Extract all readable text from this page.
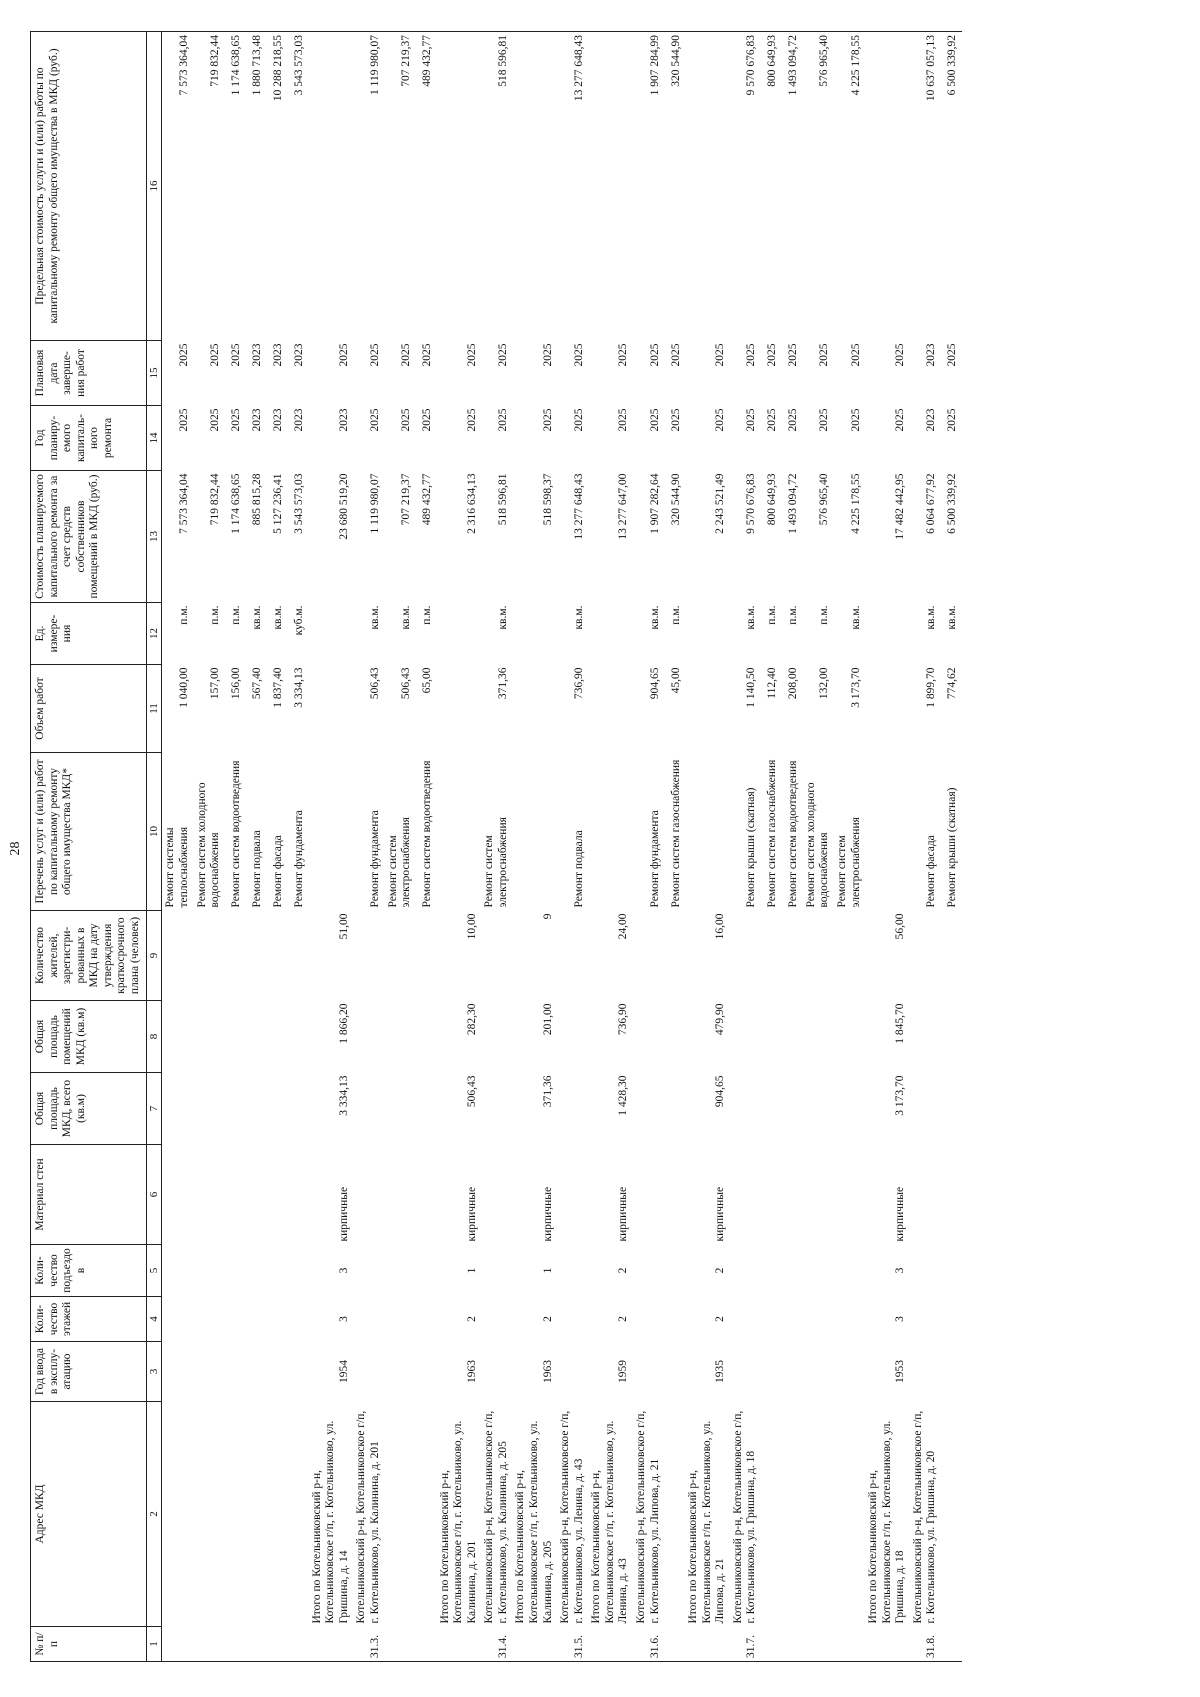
28
№ п/п	Адрес МКД	Год ввода в эксплу-атацию	Коли-чество этажей	Коли-чество подъездо в	Материал стен	Общая площадь МКД, всего (кв.м)	Общая площадь помещений МКД (кв.м)	Количество жителей, зарегистри-рованных в МКД на дату утверждения краткосрочного плана (человек)	Перечень услуг и (или) работ по капитальному ремонту общего имущества МКД*	Объем работ	Ед. измере-ния	Стоимость планируемого капитального ремонта за счет средств собственников помещений в МКД (руб.)	Год планиру-емого капиталь-ного ремонта	Плановая дата заверше-ния работ	Предельная стоимость услуги и (или) работы по капитальному ремонту общего имущества в МКД (руб.)
1	2	3	4	5	6	7	8	9	10	11	12	13	14	15	16
									Ремонт системы теплоснабжения	1 040,00	п.м.	7 573 364,04	2025	2025	7 573 364,04
									Ремонт систем холодного водоснабжения	157,00	п.м.	719 832,44	2025	2025	719 832,44
									Ремонт систем водоотведения	156,00	п.м.	1 174 638,65	2025	2025	1 174 638,65
									Ремонт подвала	567,40	кв.м.	885 815,28	2023	2023	1 880 713,48
									Ремонт фасада	1 837,40	кв.м.	5 127 236,41	2023	2023	10 288 218,55
									Ремонт фундамента	3 334,13	куб.м.	3 543 573,03	2023	2023	3 543 573,03
	Итого по Котельниковский р-н, Котельниковское г/п, г. Котельниково, ул. Гришина, д. 14	1954	3	3	кирпичные	3 334,13	1 866,20	51,00				23 680 519,20	2023	2025	
31.3.	Котельниковский р-н, Котельниковское г/п, г. Котельниково, ул. Калинина, д. 201								Ремонт фундамента	506,43	кв.м.	1 119 980,07	2025	2025	1 119 980,07
									Ремонт систем электроснабжения	506,43	кв.м.	707 219,37	2025	2025	707 219,37
									Ремонт систем водоотведения	65,00	п.м.	489 432,77	2025	2025	489 432,77
	Итого по Котельниковский р-н, Котельниковское г/п, г. Котельниково, ул. Калинина, д. 201	1963	2	1	кирпичные	506,43	282,30	10,00				2 316 634,13	2025	2025	
31.4.	Котельниковский р-н, Котельниковское г/п, г. Котельниково, ул. Калинина, д. 205								Ремонт систем электроснабжения	371,36	кв.м.	518 596,81	2025	2025	518 596,81
	Итого по Котельниковский р-н, Котельниковское г/п, г. Котельниково, ул. Калинина, д. 205	1963	2	1	кирпичные	371,36	201,00	9				518 598,37	2025	2025	
31.5.	Котельниковский р-н, Котельниковское г/п, г. Котельниково, ул. Ленина, д. 43								Ремонт подвала	736,90	кв.м.	13 277 648,43	2025	2025	13 277 648,43
	Итого по Котельниковский р-н, Котельниковское г/п, г. Котельниково, ул. Ленина, д. 43	1959	2	2	кирпичные	1 428,30	736,90	24,00				13 277 647,00	2025	2025	
31.6.	Котельниковский р-н, Котельниковское г/п, г. Котельниково, ул. Липова, д. 21								Ремонт фундамента	904,65	кв.м.	1 907 282,64	2025	2025	1 907 284,99
									Ремонт систем газоснабжения	45,00	п.м.	320 544,90	2025	2025	320 544,90
	Итого по Котельниковский р-н, Котельниковское г/п, г. Котельниково, ул. Липова, д. 21	1935	2	2	кирпичные	904,65	479,90	16,00				2 243 521,49	2025	2025	
31.7.	Котельниковский р-н, Котельниковское г/п, г. Котельниково, ул. Гришина, д. 18								Ремонт крыши (скатная)	1 140,50	кв.м.	9 570 676,83	2025	2025	9 570 676,83
									Ремонт систем газоснабжения	112,40	п.м.	800 649,93	2025	2025	800 649,93
									Ремонт систем водоотведения	208,00	п.м.	1 493 094,72	2025	2025	1 493 094,72
									Ремонт систем холодного водоснабжения	132,00	п.м.	576 965,40	2025	2025	576 965,40
									Ремонт систем электроснабжения	3 173,70	кв.м.	4 225 178,55	2025	2025	4 225 178,55
	Итого по Котельниковский р-н, Котельниковское г/п, г. Котельниково, ул. Гришина, д. 18	1953	3	3	кирпичные	3 173,70	1 845,70	56,00				17 482 442,95	2025	2025	
31.8.	Котельниковский р-н, Котельниковское г/п, г. Котельниково, ул. Гришина, д. 20								Ремонт фасада	1 899,70	кв.м.	6 064 677,92	2023	2023	10 637 057,13
									Ремонт крыши (скатная)	774,62	кв.м.	6 500 339,92	2025	2025	6 500 339,92
